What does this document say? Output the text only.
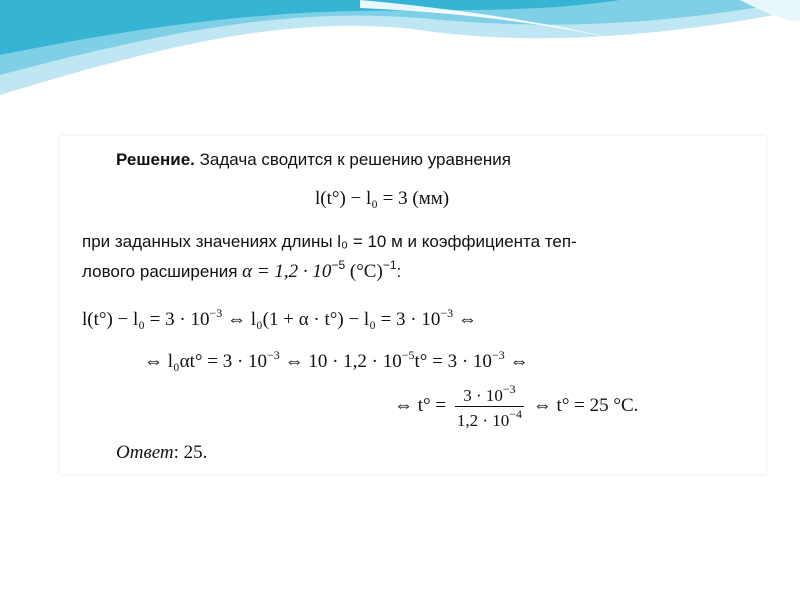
Решение. Задача сводится к решению уравнения
l(t°) − l₀ = 3 (мм)
при заданных значениях длины l₀ = 10 м и коэффициента теп-
лового расширения $\alpha = 1,2 \cdot 10^{-5}$ $(^\circ C)^{-1}$:
$l(t^\circ) - l_0 = 3 \cdot 10^{-3}$ ⇔ $l_0(1 + \alpha \cdot t^\circ) - l_0 = 3 \cdot 10^{-3}$ ⇔
⇔ $l_0\alpha t^\circ = 3 \cdot 10^{-3}$ ⇔ $10 \cdot 1,2 \cdot 10^{-5}t^\circ = 3 \cdot 10^{-3}$ ⇔
⇔ $t^\circ = \frac{3 \cdot 10^{-3}}{1,2 \cdot 10^{-4}}$ ⇔ t° = 25 °C.
Ответ: 25.
